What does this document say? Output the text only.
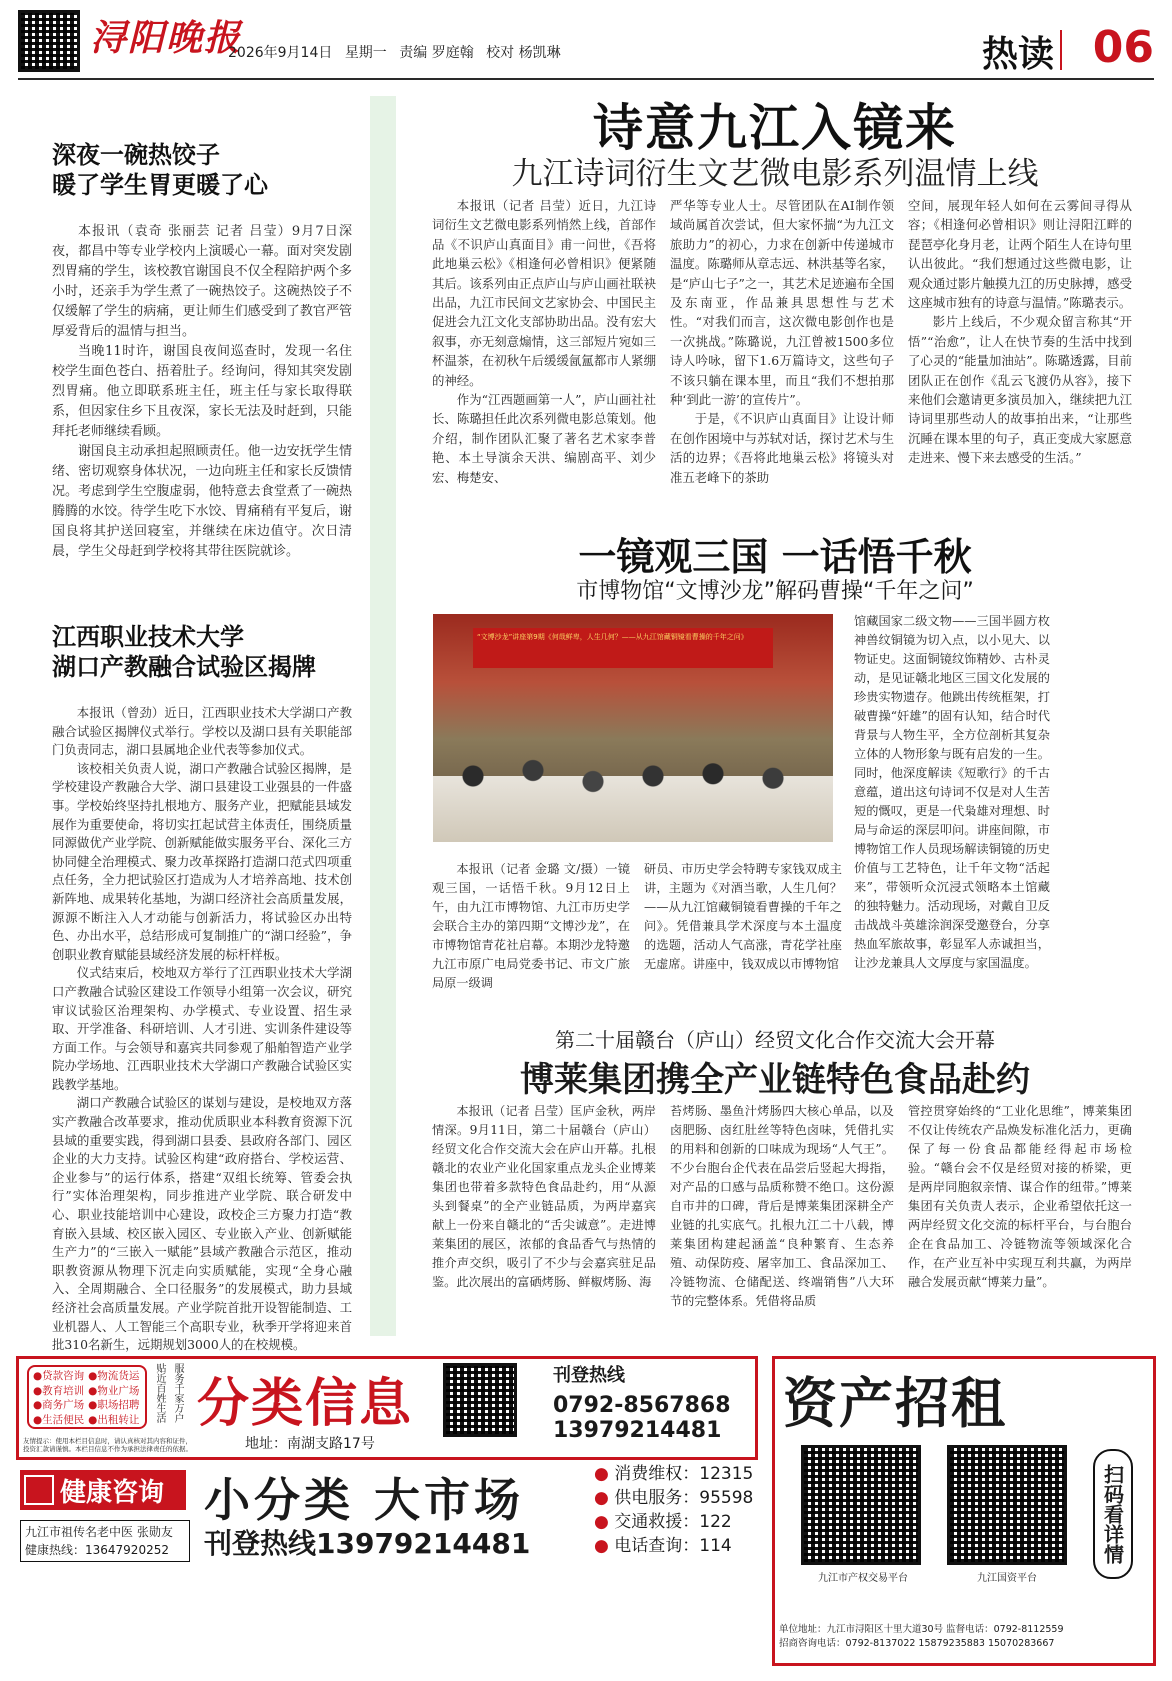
浔阳晚报
2026年9月14日 星期一 责编 罗庭翰 校对 杨凯琳	热读 06
深夜一碗热饺子
暖了学生胃更暖了心

本报讯（袁奇 张丽芸 记者 吕莹）9月7日深夜，都昌中等专业学校内上演暖心一幕。面对突发剧烈胃痛的学生，该校教官谢国良不仅全程陪护两个多小时，还亲手为学生煮了一碗热饺子。这碗热饺子不仅缓解了学生的病痛，更让师生们感受到了教官严管厚爱背后的温情与担当。

当晚11时许，谢国良夜间巡查时，发现一名住校学生面色苍白、捂着肚子。经询问，得知其突发剧烈胃痛。他立即联系班主任，班主任与家长取得联系，但因家住乡下且夜深，家长无法及时赶到，只能拜托老师继续看顾。

谢国良主动承担起照顾责任。他一边安抚学生情绪、密切观察身体状况，一边向班主任和家长反馈情况。考虑到学生空腹虚弱，他特意去食堂煮了一碗热腾腾的水饺。待学生吃下水饺、胃痛稍有平复后，谢国良将其护送回寝室，并继续在床边值守。次日清晨，学生父母赶到学校将其带往医院就诊。

江西职业技术大学
湖口产教融合试验区揭牌

本报讯（曾劲）近日，江西职业技术大学湖口产教融合试验区揭牌仪式举行。学校以及湖口县有关职能部门负责同志，湖口县属地企业代表等参加仪式。

该校相关负责人说，湖口产教融合试验区揭牌，是学校建设产教融合大学、湖口县建设工业强县的一件盛事。学校始终坚持扎根地方、服务产业，把赋能县域发展作为重要使命，将切实扛起试营主体责任，围绕质量同源做优产业学院、创新赋能做实服务平台、深化三方协同健全治理模式、聚力改革探路打造湖口范式四项重点任务，全力把试验区打造成为人才培养高地、技术创新阵地、成果转化基地，为湖口经济社会高质量发展，源源不断注入人才动能与创新活力，将试验区办出特色、办出水平，总结形成可复制推广的“湖口经验”，争创职业教育赋能县域经济发展的标杆样板。

仪式结束后，校地双方举行了江西职业技术大学湖口产教融合试验区建设工作领导小组第一次会议，研究审议试验区治理架构、办学模式、专业设置、招生录取、开学准备、科研培训、人才引进、实训条件建设等方面工作。与会领导和嘉宾共同参观了船舶智造产业学院办学场地、江西职业技术大学湖口产教融合试验区实践教学基地。

湖口产教融合试验区的谋划与建设，是校地双方落实产教融合改革要求，推动优质职业本科教育资源下沉县域的重要实践，得到湖口县委、县政府各部门、园区企业的大力支持。试验区构建“政府搭台、学校运营、企业参与”的运行体系，搭建“双组长统筹、管委会执行”实体治理架构，同步推进产业学院、联合研发中心、职业技能培训中心建设，政校企三方聚力打造“教育嵌入县域、校区嵌入园区、专业嵌入产业、创新赋能生产力”的“三嵌入一赋能”县域产教融合示范区，推动职教资源从物理下沉走向实质赋能，实现“全身心融入、全周期融合、全口径服务”的发展模式，助力县域经济社会高质量发展。产业学院首批开设智能制造、工业机器人、人工智能三个高职专业，秋季开学将迎来首批310名新生，远期规划3000人的在校规模。

诗意九江入镜来
九江诗词衍生文艺微电影系列温情上线

本报讯（记者 吕莹）近日，九江诗词衍生文艺微电影系列悄然上线，首部作品《不识庐山真面目》甫一问世，《吾将此地巢云松》《相逢何必曾相识》便紧随其后。该系列由正点庐山与庐山画社联袂出品，九江市民间文艺家协会、中国民主促进会九江文化支部协助出品。没有宏大叙事，亦无刻意煽情，这三部短片宛如三杯温茶，在初秋午后缓缓氤氲都市人紧绷的神经。

作为“江西题画第一人”，庐山画社社长、陈璐担任此次系列微电影总策划。他介绍，制作团队汇聚了著名艺术家李普艳、本土导演余天洪、编剧高平、刘少宏、梅楚安、

严华等专业人士。尽管团队在AI制作领域尚属首次尝试，但大家怀揣“为九江文旅助力”的初心，力求在创新中传递城市温度。陈璐师从章志远、林洪基等名家，是“庐山七子”之一，其艺术足迹遍布全国及东南亚，作品兼具思想性与艺术性。“对我们而言，这次微电影创作也是一次挑战。”陈璐说，九江曾被1500多位诗人吟咏，留下1.6万篇诗文，这些句子不该只躺在课本里，而且“我们不想拍那种‘到此一游’的宣传片”。

于是，《不识庐山真面目》让设计师在创作困境中与苏轼对话，探讨艺术与生活的边界；《吾将此地巢云松》将镜头对准五老峰下的茶助

空间，展现年轻人如何在云雾间寻得从容；《相逢何必曾相识》则让浔阳江畔的琵琶亭化身月老，让两个陌生人在诗句里认出彼此。“我们想通过这些微电影，让观众通过影片触摸九江的历史脉搏，感受这座城市独有的诗意与温情。”陈璐表示。

影片上线后，不少观众留言称其“开悟”“治愈”，让人在快节奏的生活中找到了心灵的“能量加油站”。陈璐透露，目前团队正在创作《乱云飞渡仍从容》，接下来他们会邀请更多演员加入，继续把九江诗词里那些动人的故事拍出来，“让那些沉睡在课本里的句子，真正变成大家愿意走进来、慢下来去感受的生活。”

一镜观三国 一话悟千秋
市博物馆“文博沙龙”解码曹操“千年之问”
“文博沙龙”讲座第9期《何哉鲜卑，人生几何？——从九江馆藏铜镜看曹操的千年之问》

馆藏国家二级文物——三国半圆方枚神兽纹铜镜为切入点，以小见大、以物证史。这面铜镜纹饰精妙、古朴灵动，是见证赣北地区三国文化发展的珍贵实物遗存。他跳出传统框架，打破曹操“奸雄”的固有认知，结合时代背景与人物生平，全方位剖析其复杂立体的人物形象与既有启发的一生。同时，他深度解读《短歌行》的千古意蕴，道出这句诗词不仅是对人生苦短的慨叹，更是一代枭雄对理想、时局与命运的深层叩问。讲座间隙，市博物馆工作人员现场解读铜镜的历史价值与工艺特色，让千年文物“活起来”，带领听众沉浸式领略本土馆藏的独特魅力。活动现场，对戴自卫反击战战斗英雄涂润深受邀登台，分享热血军旅故事，彰显军人赤诚担当，让沙龙兼具人文厚度与家国温度。

本报讯（记者 金璐 文/摄）一镜观三国，一话悟千秋。9月12日上午，由九江市博物馆、九江市历史学会联合主办的第四期“文博沙龙”，在市博物馆青花社启幕。本期沙龙特邀九江市原广电局党委书记、市文广旅局原一级调

研员、市历史学会特聘专家钱双成主讲，主题为《对酒当歌，人生几何？——从九江馆藏铜镜看曹操的千年之问》。凭借兼具学术深度与本土温度的选题，活动人气高涨，青花学社座无虚席。讲座中，钱双成以市博物馆

第二十届赣台（庐山）经贸文化合作交流大会开幕
博莱集团携全产业链特色食品赴约

本报讯（记者 吕莹）匡庐金秋，两岸情深。9月11日，第二十届赣台（庐山）经贸文化合作交流大会在庐山开幕。扎根赣北的农业产业化国家重点龙头企业博莱集团也带着多款特色食品赴约，用“从源头到餐桌”的全产业链品质，为两岸嘉宾献上一份来自赣北的“舌尖诚意”。走进博莱集团的展区，浓郁的食品香气与热情的推介声交织，吸引了不少与会嘉宾驻足品鉴。此次展出的富硒烤肠、鲜椒烤肠、海

苔烤肠、墨鱼汁烤肠四大核心单品，以及卤肥肠、卤红肚丝等特色卤味，凭借扎实的用料和创新的口味成为现场“人气王”。不少台胞台企代表在品尝后竖起大拇指，对产品的口感与品质称赞不绝口。这份源自市井的口碑，背后是博莱集团深耕全产业链的扎实底气。扎根九江二十八载，博莱集团构建起涵盖“良种繁育、生态养殖、动保防疫、屠宰加工、食品深加工、冷链物流、仓储配送、终端销售”八大环节的完整体系。凭借将品质

管控贯穿始终的“工业化思维”，博莱集团不仅让传统农产品焕发标准化活力，更确保了每一份食品都能经得起市场检验。“赣台会不仅是经贸对接的桥梁，更是两岸同胞叙亲情、谋合作的纽带。”博莱集团有关负责人表示，企业希望依托这一两岸经贸文化交流的标杆平台，与台胞台企在食品加工、冷链物流等领域深化合作，在产业互补中实现互利共赢，为两岸融合发展贡献“博莱力量”。

●贷款咨询
●教育培训
●商务广场
●生活便民
●物流货运
●物业广场
●职场招聘
●出租转让	贴近百姓生活 服务千家万户 分类信息
地址：南湖支路17号
友情提示：使用本栏目信息时，请认真核对其内容和证件，投资汇款请谨慎。本栏目信息不作为承担法律责任的依据。
刊登热线
0792-8567868
13979214481	资产招租
九江市产权交易平台	九江国资平台
扫码看详情
单位地址：九江市浔阳区十里大道30号 监督电话：0792-8112559
招商咨询电话：0792-8137022 15879235883 15070283667
健康咨询
九江市祖传名老中医 张勋友
健康热线：13647920252
小分类 大市场
刊登热线13979214481
● 消费维权：12315
● 供电服务：95598
● 交通救援：122
● 电话查询：114
